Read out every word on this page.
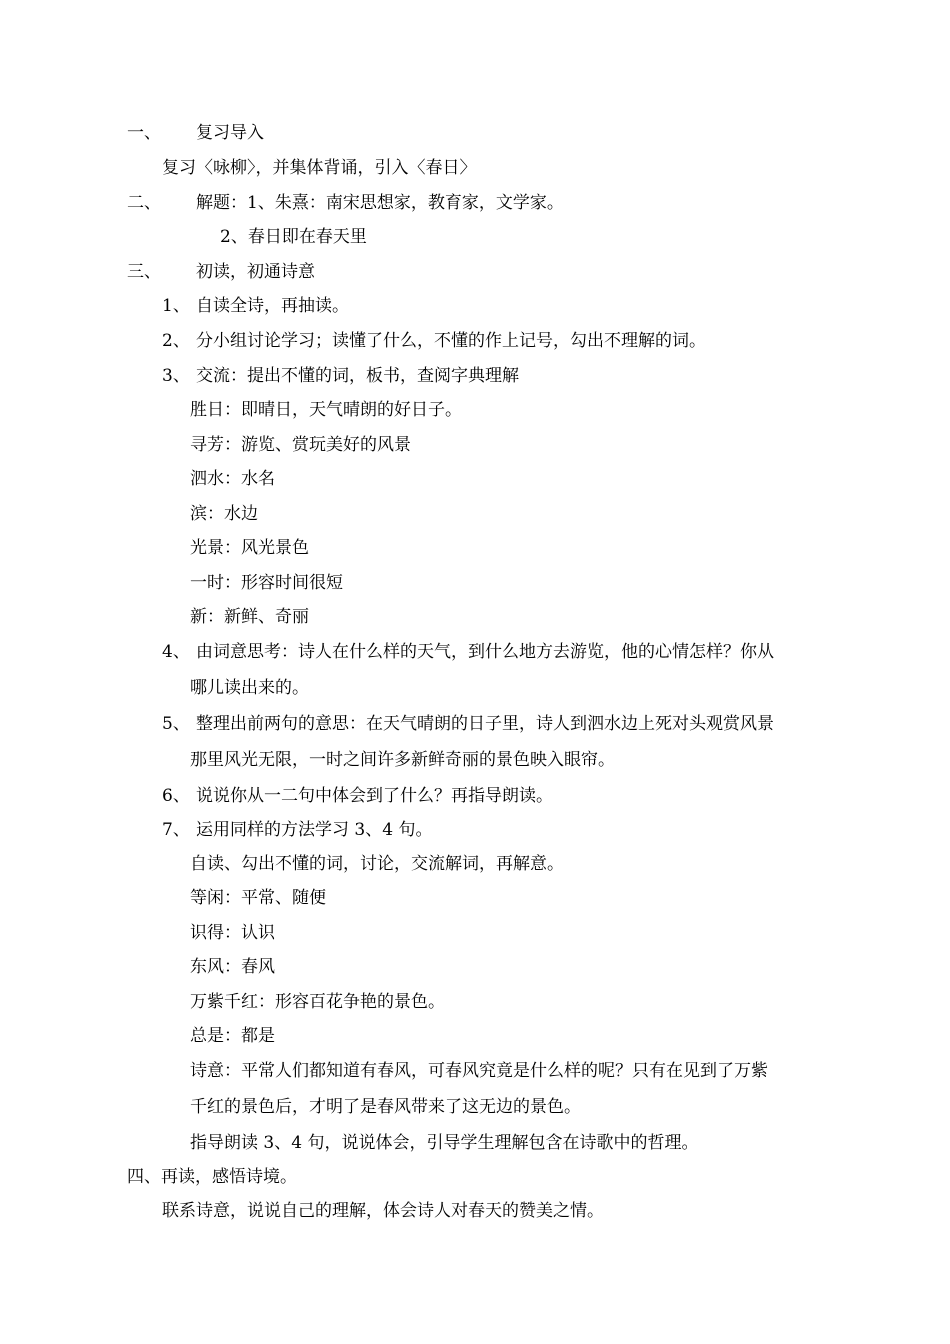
一、 复习导入
复习〈咏柳〉，并集体背诵，引入〈春日〉
二、 解题：1、朱熹：南宋思想家，教育家，文学家。
2、春日即在春天里
三、 初读，初通诗意
1、 自读全诗，再抽读。
2、 分小组讨论学习；读懂了什么，不懂的作上记号，勾出不理解的词。
3、 交流：提出不懂的词，板书，查阅字典理解
胜日：即晴日，天气晴朗的好日子。
寻芳：游览、赏玩美好的风景
泗水：水名
滨：水边
光景：风光景色
一时：形容时间很短
新：新鲜、奇丽
4、 由词意思考：诗人在什么样的天气，到什么地方去游览，他的心情怎样？你从
哪儿读出来的。
5、 整理出前两句的意思：在天气晴朗的日子里，诗人到泗水边上死对头观赏风景
那里风光无限，一时之间许多新鲜奇丽的景色映入眼帘。
6、 说说你从一二句中体会到了什么？再指导朗读。
7、 运用同样的方法学习 3、4 句。
自读、勾出不懂的词，讨论，交流解词，再解意。
等闲：平常、随便
识得：认识
东风：春风
万紫千红：形容百花争艳的景色。
总是：都是
诗意：平常人们都知道有春风，可春风究竟是什么样的呢？只有在见到了万紫
千红的景色后，才明了是春风带来了这无边的景色。
指导朗读 3、4 句，说说体会，引导学生理解包含在诗歌中的哲理。
四、再读，感悟诗境。
联系诗意，说说自己的理解，体会诗人对春天的赞美之情。
